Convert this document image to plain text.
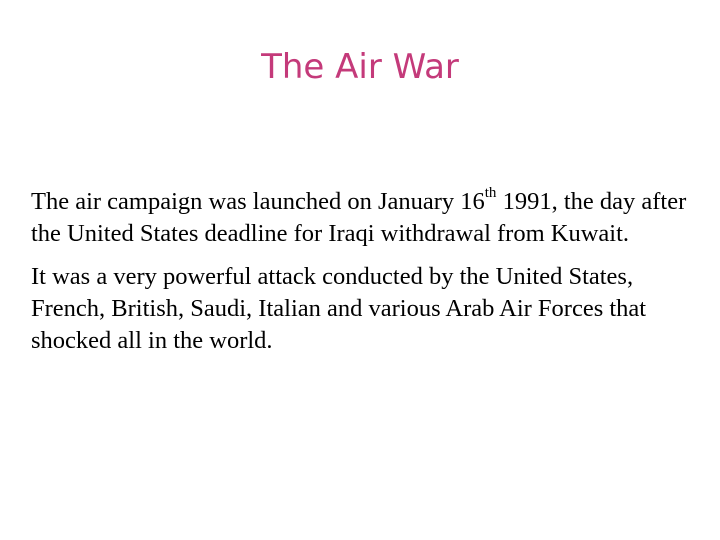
The Air War

The air campaign was launched on January 16th 1991, the day after the United States deadline for Iraqi withdrawal from Kuwait.

It was a very powerful attack conducted by the United States, French, British, Saudi, Italian and various Arab Air Forces that shocked all in the world.
